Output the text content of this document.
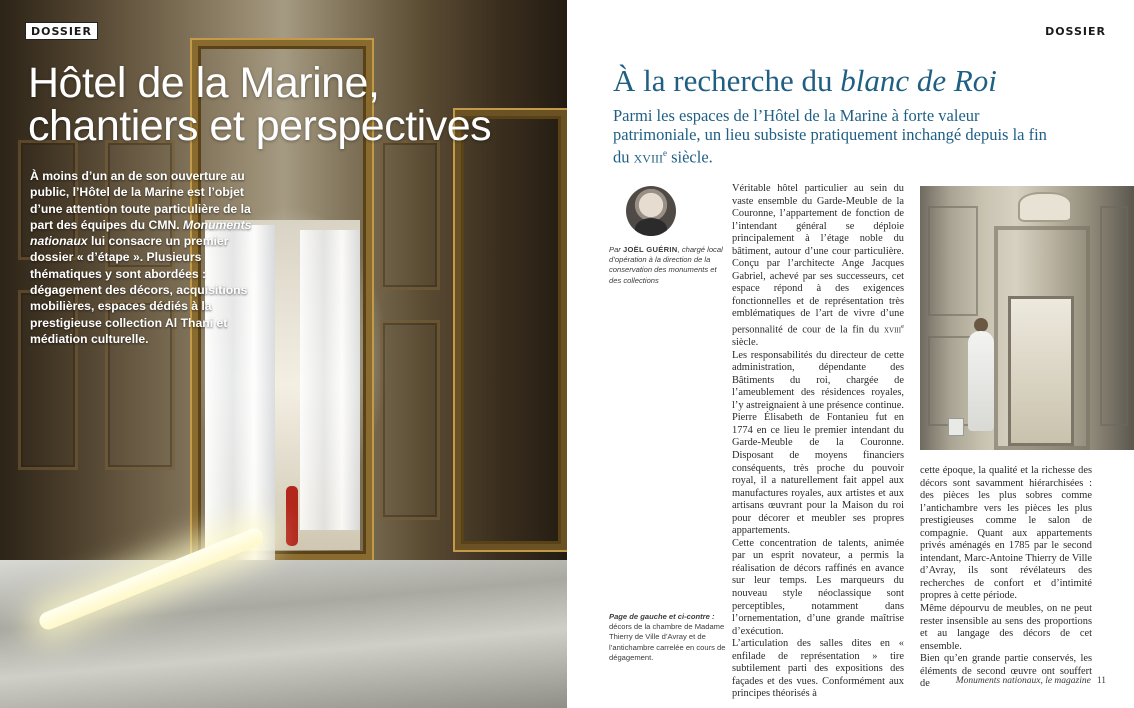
DOSSIER
Hôtel de la Marine,
chantiers et perspectives

À moins d’un an de son ouverture au public, l’Hôtel de la Marine est l’objet d’une attention toute particulière de la part des équipes du CMN. Monuments nationaux lui consacre un premier dossier « d’étape ». Plusieurs thématiques y sont abordées : dégagement des décors, acquisitions mobilières, espaces dédiés à la prestigieuse collection Al Thani et médiation culturelle.

DOSSIER
À la recherche du blanc de Roi

Parmi les espaces de l’Hôtel de la Marine à forte valeur patrimoniale, un lieu subsiste pratiquement inchangé depuis la fin du xviii$^e$ siècle.

Par JOËL GUÉRIN, chargé local d’opération à la direction de la conservation des monuments et des collections

Page de gauche et ci-contre : décors de la chambre de Madame Thierry de Ville d’Avray et de l’antichambre carrelée en cours de dégagement.

Véritable hôtel particulier au sein du vaste ensemble du Garde-Meuble de la Couronne, l’appartement de fonction de l’intendant général se déploie principalement à l’étage noble du bâtiment, autour d’une cour particulière. Conçu par l’architecte Ange Jacques Gabriel, achevé par ses successeurs, cet espace répond à des exigences fonctionnelles et de représentation très emblématiques de l’art de vivre d’une personnalité de cour de la fin du xviii$^e$ siècle.

Les responsabilités du directeur de cette administration, dépendante des Bâtiments du roi, chargée de l’ameublement des résidences royales, l’y astreignaient à une présence continue.

Pierre Élisabeth de Fontanieu fut en 1774 en ce lieu le premier intendant du Garde-Meuble de la Couronne. Disposant de moyens financiers conséquents, très proche du pouvoir royal, il a naturellement fait appel aux manufactures royales, aux artistes et aux artisans œuvrant pour la Maison du roi pour décorer et meubler ses propres appartements.

Cette concentration de talents, animée par un esprit novateur, a permis la réalisation de décors raffinés en avance sur leur temps. Les marqueurs du nouveau style néoclassique sont perceptibles, notamment dans l’ornementation, d’une grande maîtrise d’exécution.

L’articulation des salles dites en « enfilade de représentation » tire subtilement parti des expositions des façades et des vues. Conformément aux principes théorisés à

cette époque, la qualité et la richesse des décors sont savamment hiérarchisées : des pièces les plus sobres comme l’antichambre vers les pièces les plus prestigieuses comme le salon de compagnie. Quant aux appartements privés aménagés en 1785 par le second intendant, Marc-Antoine Thierry de Ville d’Avray, ils sont révélateurs des recherches de confort et d’intimité propres à cette période.

Même dépourvu de meubles, on ne peut rester insensible au sens des proportions et au langage des décors de cet ensemble.

Bien qu’en grande partie conservés, les éléments de second œuvre ont souffert de	Monuments nationaux, le magazine 11
